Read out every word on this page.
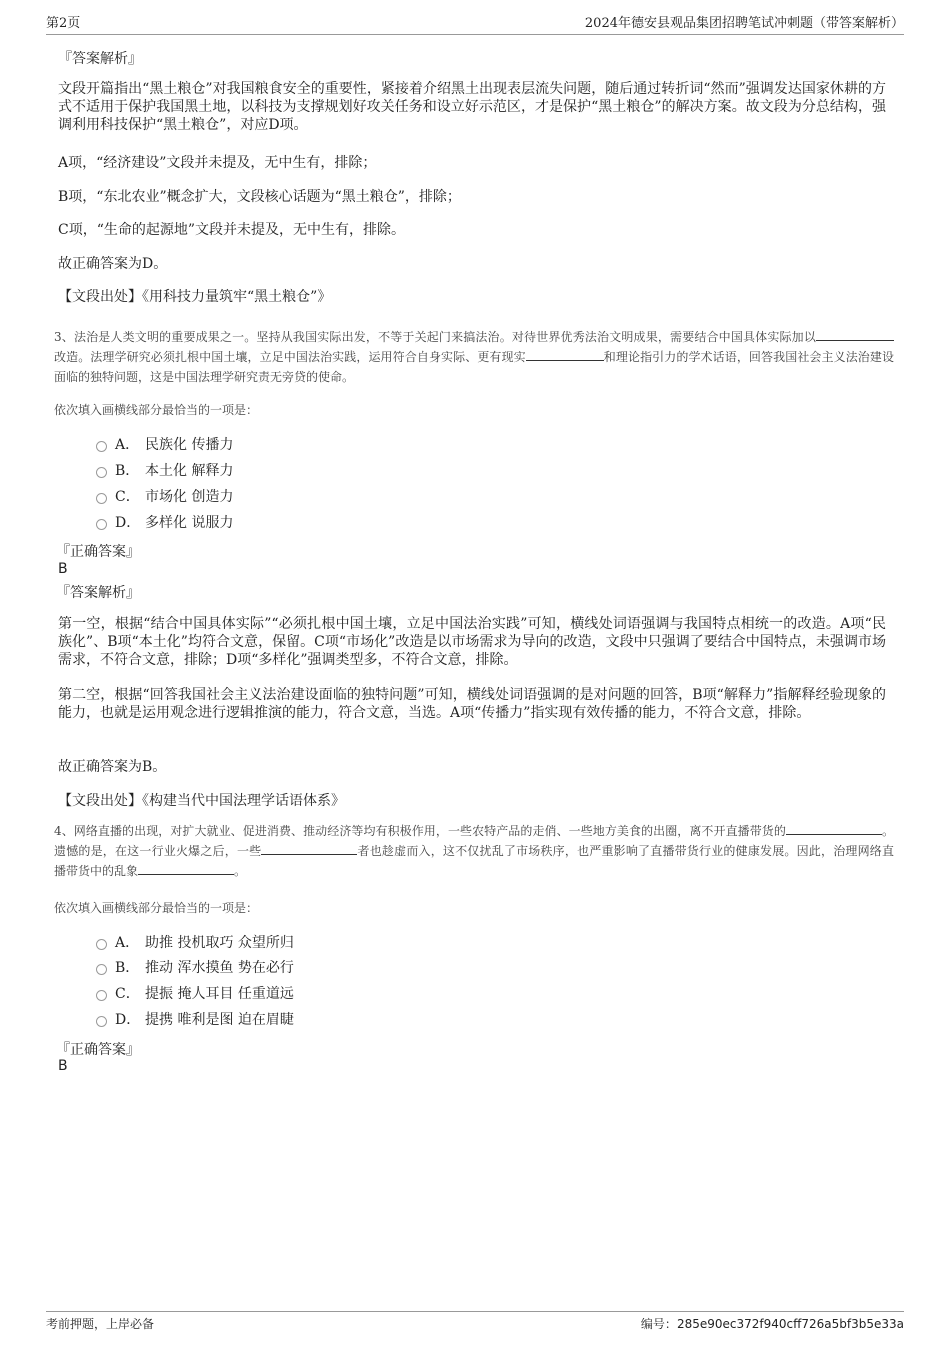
第2页	2024年德安县观品集团招聘笔试冲刺题（带答案解析）
『答案解析』
文段开篇指出“黑土粮仓”对我国粮食安全的重要性，紧接着介绍黑土出现表层流失问题，随后通过转折词“然而”强调发达国家休耕的方式不适用于保护我国黑土地，以科技为支撑规划好攻关任务和设立好示范区，才是保护“黑土粮仓”的解决方案。故文段为分总结构，强调利用科技保护“黑土粮仓”，对应D项。
A项，“经济建设”文段并未提及，无中生有，排除；
B项，“东北农业”概念扩大，文段核心话题为“黑土粮仓”，排除；
C项，“生命的起源地”文段并未提及，无中生有，排除。
故正确答案为D。
【文段出处】《用科技力量筑牢“黑土粮仓”》
3、法治是人类文明的重要成果之一。坚持从我国实际出发，不等于关起门来搞法治。对待世界优秀法治文明成果，需要结合中国具体实际加以改造。法理学研究必须扎根中国土壤，立足中国法治实践，运用符合自身实际、更有现实	和理论指引力的学术话语，回答我国社会主义法治建设面临的独特问题，这是中国法理学研究责无旁贷的使命。
依次填入画横线部分最恰当的一项是：
A． 民族化 传播力
B． 本土化 解释力
C． 市场化 创造力
D． 多样化 说服力
『正确答案』
B
『答案解析』
第一空，根据“结合中国具体实际”“必须扎根中国土壤，立足中国法治实践”可知，横线处词语强调与我国特点相统一的改造。A项“民族化”、B项“本土化”均符合文意，保留。C项“市场化”改造是以市场需求为导向的改造，文段中只强调了要结合中国特点，未强调市场需求，不符合文意，排除；D项“多样化”强调类型多，不符合文意，排除。
第二空，根据“回答我国社会主义法治建设面临的独特问题”可知，横线处词语强调的是对问题的回答，B项“解释力”指解释经验现象的能力，也就是运用观念进行逻辑推演的能力，符合文意，当选。A项“传播力”指实现有效传播的能力，不符合文意，排除。
故正确答案为B。
【文段出处】《构建当代中国法理学话语体系》
4、网络直播的出现，对扩大就业、促进消费、推动经济等均有积极作用，一些农特产品的走俏、一些地方美食的出圈，离不开直播带货的	。遗憾的是，在这一行业火爆之后，一些	者也趁虚而入，这不仅扰乱了市场秩序，也严重影响了直播带货行业的健康发展。因此，治理网络直播带货中的乱象	。
依次填入画横线部分最恰当的一项是：
A． 助推 投机取巧 众望所归
B． 推动 浑水摸鱼 势在必行
C． 提振 掩人耳目 任重道远
D． 提携 唯利是图 迫在眉睫
『正确答案』
B
考前押题，上岸必备	编号：285e90ec372f940cff726a5bf3b5e33a
